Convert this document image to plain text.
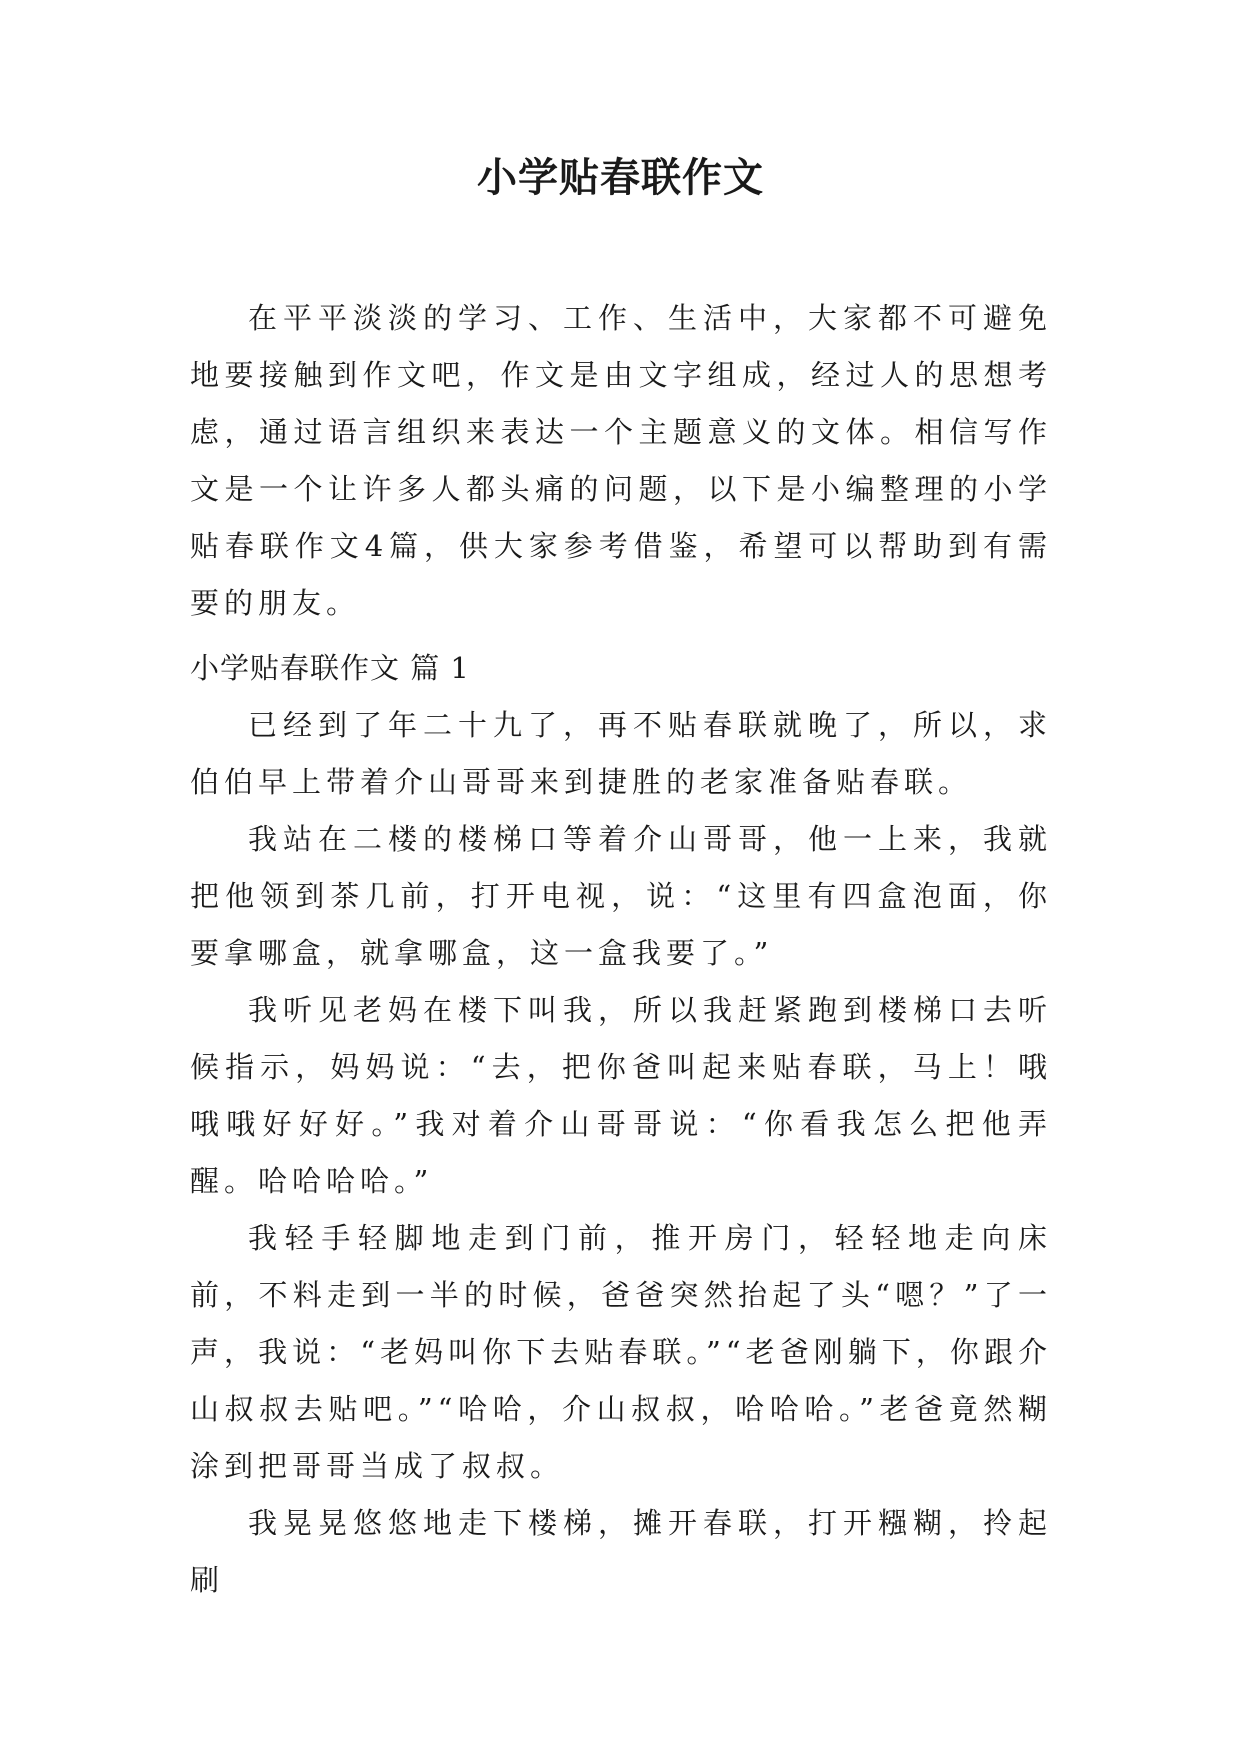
小学贴春联作文

在平平淡淡的学习、工作、生活中，大家都不可避免地要接触到作文吧，作文是由文字组成，经过人的思想考虑，通过语言组织来表达一个主题意义的文体。相信写作文是一个让许多人都头痛的问题，以下是小编整理的小学贴春联作文4篇，供大家参考借鉴，希望可以帮助到有需要的朋友。

小学贴春联作文 篇 1

已经到了年二十九了，再不贴春联就晚了，所以，求伯伯早上带着介山哥哥来到捷胜的老家准备贴春联。

我站在二楼的楼梯口等着介山哥哥，他一上来，我就把他领到茶几前，打开电视，说：“这里有四盒泡面，你要拿哪盒，就拿哪盒，这一盒我要了。”

我听见老妈在楼下叫我，所以我赶紧跑到楼梯口去听候指示，妈妈说：“去，把你爸叫起来贴春联，马上！哦哦哦好好好。”我对着介山哥哥说：“你看我怎么把他弄醒。哈哈哈哈。”

我轻手轻脚地走到门前，推开房门，轻轻地走向床前，不料走到一半的时候，爸爸突然抬起了头“嗯？”了一声，我说：“老妈叫你下去贴春联。”“老爸刚躺下，你跟介山叔叔去贴吧。”“哈哈，介山叔叔，哈哈哈。”老爸竟然糊涂到把哥哥当成了叔叔。

我晃晃悠悠地走下楼梯，摊开春联，打开糨糊，拎起刷
